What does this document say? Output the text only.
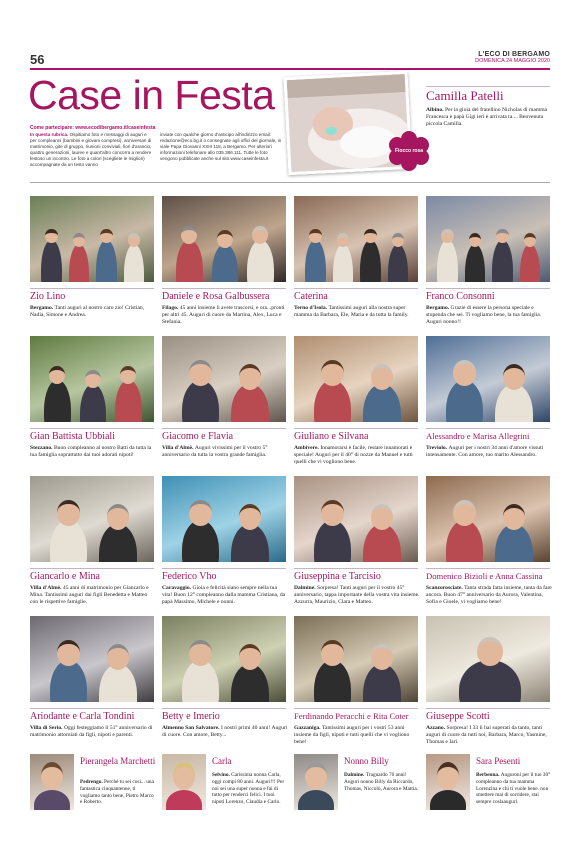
56	L'ECO DI BERGAMO
DOMENICA 24 MAGGIO 2020
Case in Festa
Come partecipare: www.ecodibergamo.it/caseinfesta
In questa rubrica. Ospitiamo foto e messaggi di auguri e per compleanni (bambini e giovani compresi), anniversari di matrimonio, gite di gruppo, riunioni conviviali, fiori d'arancio, quattro generazioni, lauree e quant'altro concorra a rendere festoso un incontro. Le foto a colori (scegliete le migliori) accompagnate da un testo vanno
inviate con qualche giorno d'anticipo all'indirizzo email: redazione@eco.bg.it o consegnate agli uffici del giornale, in viale Papa Giovanni XXIII 118, a Bergamo. Per ulteriori informazioni telefonare allo 035.386.111. Tutte le foto vengono pubblicate anche sul sito www.caseinfesta.it
Fiocco rosa
Camilla Patelli
Albino. Per la gioia del fratellino Nicholas di mamma Francesca e papà Gigi ieri è arrivata ta.... Benvenuta piccola Camilla.
Zio Lino
Bergamo. Tanti auguri al nostro caro zio! Cristian, Nadia, Simone e Andrea.
Daniele e Rosa Galbussera
Filago. 45 anni insieme li avete trascorsi, e ora...pronti per altri 45. Auguri di cuore da Martina, Alex, Luca e Stefania.
Caterina
Terno d'Isola. Tantissimi auguri alla nostra super mamma da Barbara, Ele, Maria e da tutta la family.
Franco Consonni
Bergamo. Grazie di essere la persona speciale e stupenda che sei. Ti vogliamo bene, la tua famiglia. Auguri nonno!!
Gian Battista Ubbiali
Stezzano. Buon compleanno al nostro Batti da tutta la tua famiglia soprattutto dai tuoi adorati nipoti!
Giacomo e Flavia
Villa d'Almè. Auguri vivissimi per il vostro 5° anniversario da tutta la vostra grande famiglia.
Giuliano e Silvana
Ambivere. Innamorarsi è facile, restare innamorati è speciale! Auguri per il 40° di nozze da Manuel e tutti quelli che vi vogliono bene.
Alessandro e Marisa Allegrini
Treviolo. Auguri per i nostri 34 anni d'amore vissuti intensamente. Con amore, tuo marito Alessandro.
Giancarlo e Mina
Villa d'Almè. 45 anni di matrimonio per Giancarlo e Mina. Tantissimi auguri dai figli Benedetta e Matteo con le rispettive famiglie.
Federico Vho
Caravaggio. Gioia e felicità siano sempre nella tua vita! Buon 12° compleanno dalla mamma Cristiana, da papà Massimo, Michele e nonni.
Giuseppina e Tarcisio
Dalmine. Sorpresa! Tanti auguri per il vostro 45° anniversario, tappa importante della vostra vita insieme. Azzurra, Maurizio, Clara e Matteo.
Domenico Bizioli e Anna Cassina
Scanzorosciate. Tanta strada fatta insieme, tanta da fare ancora. Buon 47° anniversario da Aurora, Valentina, Sofia e Gioele, vi vogliamo bene!
Ariodante e Carla Tondini
Villa di Serio. Oggi festeggiamo il 51° anniversario di matrimonio attorniati da figli, nipoti e parenti.
Betty e Imerio
Almenno San Salvatore. I nostri primi 40 anni! Auguri di cuore. Con amore, Betty...
Ferdinando Peracchi e Rita Coter
Gazzaniga. Tantissimi auguri per i vostri 53 anni insieme da figli, nipoti e tutti quelli che vi vogliono bene!
Giuseppe Scotti
Azzano. Sorpresa! I 33 li hai superati da tanto, tanti auguri di cuore da tutti noi, Barbara, Marco, Yasmine, Thomas e Iari.
Pierangela Marchetti
Pedrengo. Perché tu sei così... una fantastica cinquantenne, ti vogliamo tanto bene, Pietro Marco e Roberto.
Carla
Selvino. Carissima nonna Carla, oggi compi 80 anni. Auguri!!! Per noi sei una super nonna e fai di tutto per renderci felici. I tuoi nipoti Lorenzo, Claudia e Carlo.
Nonno Billy
Dalmine. Traguardo 70 anni! Auguri nonno Billy da Riccardo, Thomas, Niccolò, Aurora e Mattia.
Sara Pesenti
Berbenna. Auguroni per il tuo 30° compleanno da tua mamma Lorenzina e chi ti vuole bene. non smettere mai di sorridere, stai sempre coslaaugurl.
